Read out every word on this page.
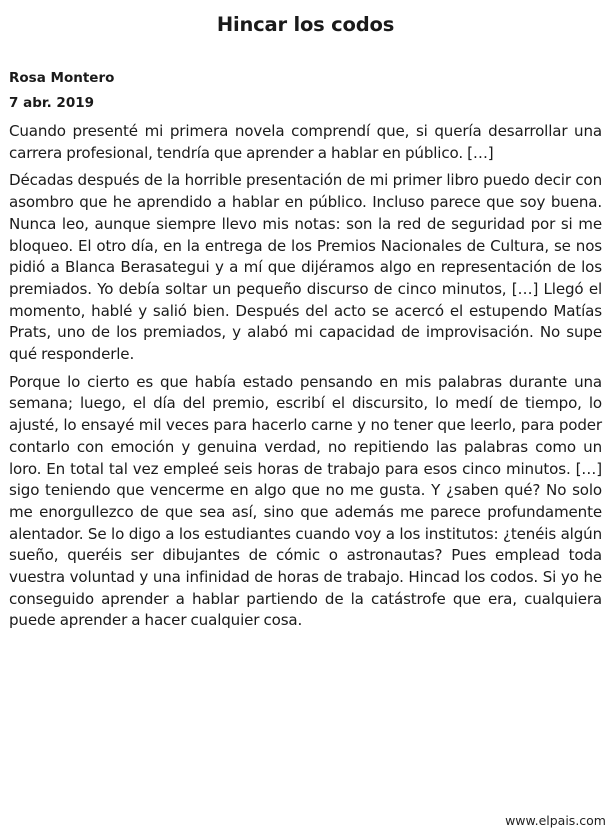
Hincar los codos
Rosa Montero
7 abr. 2019

Cuando presenté mi primera novela comprendí que, si quería desarrollar una carrera profesional, tendría que aprender a hablar en público. […]

Décadas después de la horrible presentación de mi primer libro puedo decir con asombro que he aprendido a hablar en público. Incluso parece que soy buena. Nunca leo, aunque siempre llevo mis notas: son la red de seguridad por si me bloqueo. El otro día, en la entrega de los Premios Nacionales de Cultura, se nos pidió a Blanca Berasategui y a mí que dijéramos algo en representación de los premiados. Yo debía soltar un pequeño discurso de cinco minutos, […] Llegó el momento, hablé y salió bien. Después del acto se acercó el estupendo Matías Prats, uno de los premiados, y alabó mi capacidad de improvisación. No supe qué responderle.

Porque lo cierto es que había estado pensando en mis palabras durante una semana; luego, el día del premio, escribí el discursito, lo medí de tiempo, lo ajusté, lo ensayé mil veces para hacerlo carne y no tener que leerlo, para poder contarlo con emoción y genuina verdad, no repitiendo las palabras como un loro. En total tal vez empleé seis horas de trabajo para esos cinco minutos. […] sigo teniendo que vencerme en algo que no me gusta. Y ¿saben qué? No solo me enorgullezco de que sea así, sino que además me parece profundamente alentador. Se lo digo a los estudiantes cuando voy a los institutos: ¿tenéis algún sueño, queréis ser dibujantes de cómic o astronautas? Pues emplead toda vuestra voluntad y una infinidad de horas de trabajo. Hincad los codos. Si yo he conseguido aprender a hablar partiendo de la catástrofe que era, cualquiera puede aprender a hacer cualquier cosa.

www.elpais.com
